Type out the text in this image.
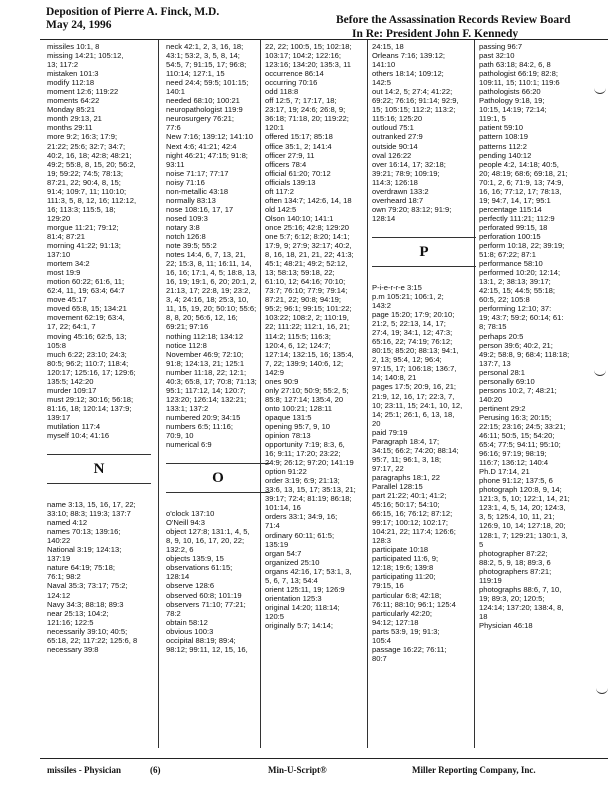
Deposition of Pierre A. Finck, M.D.
May 24, 1996	Before the Assassination Records Review Board
In Re: President John F. Kennedy
missiles 10:1, 8
missing 14:21; 105:12,
13; 117:2
mistaken 101:3
modify 112:18
moment 12:6; 119:22
moments 64:22
Monday 85:21
month 29:13, 21
months 29:11
more 9:2; 16:3; 17:9;
21:22; 25:6; 32:7; 34:7;
40:2, 16, 18; 42:8; 48:21;
49:2; 55:8, 8, 15, 20; 56:2,
19; 59:22; 74:5; 78:13;
87:21, 22; 90:4, 8, 15;
91:4; 109:7, 11; 110:10;
111:3, 5, 8, 12, 16; 112:12,
16; 113:3; 115:5, 18;
129:20
morgue 11:21; 79:12;
81:4; 87:21
morning 41:22; 91:13;
137:10
mortem 34:2
most 19:9
motion 60:22; 61:6, 11;
62:4, 11, 19; 63:4; 64:7
move 45:17
moved 65:8, 15; 134:21
movement 62:19; 63:4,
17, 22; 64:1, 7
moving 45:16; 62:5, 13;
105:8
much 6:22; 23:10; 24:3;
80:5; 96:2; 110:7; 118:4;
120:17; 125:16, 17; 129:6;
135:5; 142:20
murder 109:17
must 29:12; 30:16; 56:18;
81:16, 18; 120:14; 137:9;
139:17
mutilation 117:4
myself 10:4; 41:16
N
name 3:13, 15, 16, 17, 22;
33:10; 88:3; 119:3; 137:7
named 4:12
names 70:13; 139:16;
140:22
National 3:19; 124:13;
137:19
nature 64:19; 75:18;
76:1; 98:2
Naval 35:3; 73:17; 75:2;
124:12
Navy 34:3; 88:18; 89:3
near 25:13; 104:2;
121:16; 122:5
necessarily 39:10; 40:5;
65:18, 22; 117:22; 125:6, 8
necessary 39:8
neck 42:1, 2, 3, 16, 18;
43:1; 53:2, 3, 5, 8, 14;
54:5, 7; 91:15, 17; 96:8;
110:14; 127:1, 15
need 24:4; 59:5; 101:15;
140:1
needed 68:10; 100:21
neuropathologist 119:9
neurosurgery 76:21;
77:6
New 7:16; 139:12; 141:10
Next 4:6; 41:21; 42:4
night 46:21; 47:15; 91:8;
93:11
noise 71:17; 77:17
noisy 71:16
non-metallic 43:18
normally 83:13
nose 108:16, 17, 17
nosed 109:3
notary 3:8
notch 126:8
note 39:5; 55:2
notes 14:4, 6, 7, 13, 21,
22; 15:3, 8, 11; 16:11, 14,
16, 16; 17:1, 4, 5; 18:8, 13,
16, 19; 19:1, 6, 20; 20:1, 2,
21:13, 17; 22:8, 19; 23:2,
3, 4; 24:16, 18; 25:3, 10,
11, 15, 19, 20; 50:10; 55:6;
8, 8, 20; 56:6, 12, 16;
69:21; 97:16
nothing 112:18; 134:12
notice 112:8
November 46:9; 72:10;
91:8; 124:13, 21; 125:1
number 11:18, 22; 12:1;
40:3; 65:8, 17; 70:8; 71:13;
95:1; 117:12, 14; 120:7;
123:20; 126:14; 132:21;
133:1; 137:2
numbered 20:9; 34:15
numbers 6:5; 11:16;
70:9, 10
numerical 6:9
O
o'clock 137:10
O'Neill 94:3
object 127:8; 131:1, 4, 5,
8, 9, 10, 16, 17, 20, 22;
132:2, 6
objects 135:9, 15
observations 61:15;
128:14
observe 128:6
observed 60:8; 101:19
observers 71:10; 77:21;
78:2
obtain 58:12
obvious 100:3
occipital 88:19; 89:4;
98:12; 99:11, 12, 15, 16,
22, 22; 100:5, 15; 102:18;
103:17; 104:2; 122:16;
123:16; 134:20; 135:3, 11
occurrence 86:14
occurring 70:16
odd 118:8
off 12:5, 7; 17:17, 18;
23:17, 19; 24:6; 26:8, 9;
36:18; 71:18, 20; 119:22;
120:1
offered 15:17; 85:18
office 35:1, 2; 141:4
officer 27:9, 11
officers 78:4
official 61:20; 70:12
officials 139:13
oft 117:2
often 134:7; 142:6, 14, 18
old 142:5
Olson 140:10; 141:1
once 25:16; 42:8; 129:20
one 5:7; 6:12; 8:20; 14:1;
17:9, 9; 27:9; 32:17; 40:2,
8, 16, 18, 21, 21, 22; 41:3;
45:1; 48:21; 49:2; 52:12,
13; 58:13; 59:18, 22;
61:10, 12; 64:16; 70:10;
73:7; 76:10; 77:9; 79:14;
87:21, 22; 90:8; 94:19;
95:2; 96:1; 99:15; 101:22;
103:22; 108:2, 2; 110:19,
22; 111:22; 112:1, 16, 21;
114:2; 115:5; 116:3;
120:4, 6, 12; 124:7;
127:14; 132:15, 16; 135:4,
7, 22; 139:9; 140:6, 12;
142:9
ones 90:9
only 27:10; 50:9; 55:2, 5;
85:8; 127:14; 135:4, 20
onto 100:21; 128:11
opaque 131:5
opening 95:7, 9, 10
opinion 78:13
opportunity 7:19; 8:3, 6,
16; 9:11; 17:20; 23:22;
24:9; 26:12; 97:20; 141:19
option 91:22
order 3:19; 6:9; 21:13;
33:6, 13, 15, 17; 35:13, 21;
39:17; 72:4; 81:19; 86:18;
101:14, 16
orders 33:1; 34:9, 16;
71:4
ordinary 60:11; 61:5;
135:19
organ 54:7
organized 25:10
organs 42:16, 17; 53:1, 3,
5, 6, 7, 13; 54:4
orient 125:11, 19; 126:9
orientation 125:3
original 14:20; 118:14;
120:5
originally 5:7; 14:14;
24:15, 18
Orleans 7:16; 139:12;
141:10
others 18:14; 109:12;
142:5
out 14:2, 5; 27:4; 41:22;
69:22; 76:16; 91:14; 92:9,
15; 105:15; 112:2; 113:2;
115:16; 125:20
outloud 75:1
outranked 27:9
outside 90:14
oval 126:22
over 16:14, 17; 32:18;
39:21; 78:9; 109:19;
114:3; 126:18
overdrawn 133:2
overheard 18:7
own 79:20; 83:12; 91:9;
128:14
P
P-i-e-r-r-e 3:15
p.m 105:21; 106:1, 2;
143:2
page 15:20; 17:9; 20:10;
21:2, 5; 22:13, 14, 17;
27:4, 19; 34:1, 12; 47:3;
65:16, 22; 74:19; 76:12;
80:15; 85:20; 88:13; 94:1,
2, 13; 95:4, 12; 96:4;
97:15, 17; 106:18; 136:7,
14; 140:8, 21
pages 17:5; 20:9, 16, 21;
21:9, 12, 16, 17; 22:3, 7,
10; 23:11, 15; 24:1, 10, 12,
14; 25:1; 26:1, 6, 13, 18,
20
paid 79:19
Paragraph 18:4, 17;
34:15; 66:2; 74:20; 88:14;
95:7, 11; 96:1, 3, 18;
97:17, 22
paragraphs 18:1, 22
Parallel 128:15
part 21:22; 40:1; 41:2;
45:16; 50:17; 54:10;
66:15, 16; 76:12; 87:12;
99:17; 100:12; 102:17;
104:21, 22; 117:4; 126:6;
128:3
participate 10:18
participated 11:6, 9;
12:18; 19:6; 139:8
participating 11:20;
79:15, 16
particular 6:8; 42:18;
76:11; 88:10; 96:1; 125:4
particularly 42:20;
94:12; 127:18
parts 53:9, 19; 91:3;
105:4
passage 16:22; 76:11;
80:7
passing 96:7
past 32:10
path 63:18; 84:2, 6, 8
pathologist 66:19; 82:8;
109:11, 15; 110:1; 119:6
pathologists 66:20
Pathology 9:18, 19;
10:15, 14:19; 72:14;
119:1, 5
patient 59:10
pattern 108:19
patterns 112:2
pending 140:12
people 4:2, 14:18; 40:5,
20; 48:19; 68:6; 69:18, 21;
70:1, 2, 6; 71:9, 13; 74:9,
16, 16; 77:12, 17; 78:13,
19; 94:7, 14, 17; 95:1
percentage 115:14
perfectly 111:21; 112:9
perforated 99:15, 18
perforation 100:15
perform 10:18, 22; 39:19;
51:8; 67:22; 87:1
performance 58:10
performed 10:20; 12:14;
13:1, 2; 38:13; 39:17;
42:15, 15; 44:5; 55:18;
60:5, 22; 105:8
performing 12:10; 37:
19; 43:7; 59:2; 60:14; 61:
8; 78:15
perhaps 20:5
person 39:6; 40:2, 21;
49:2; 58:8, 9; 68:4; 118:18;
137:7, 13
personal 28:1
personally 69:10
persons 10:2, 7; 48:21;
140:20
pertinent 29:2
Perusing 16:3; 20:15;
22:15; 23:16; 24:5; 33:21;
46:11; 50:5, 15; 54:20;
65:4; 77:5; 94:11; 95:10;
96:16; 97:19; 98:19;
116:7; 136:12; 140:4
Ph.D 17:14, 21
phone 91:12; 137:5, 6
photograph 120:8, 9, 14;
121:3, 5, 10; 122:1, 14, 21;
123:1, 4, 5, 14, 20; 124:3,
3, 5; 125:4, 10, 11, 21;
126:9, 10, 14; 127:18, 20;
128:1, 7; 129:21; 130:1, 3,
5
photographer 87:22;
88:2, 5, 9, 18; 89:3, 6
photographers 87:21;
119:19
photographs 88:6, 7, 10,
19; 89:3, 20; 120:5;
124:14; 137:20; 138:4, 8,
18
Physician 46:18
missiles - Physician	(6)	Min-U-Script®	Miller Reporting Company, Inc.
